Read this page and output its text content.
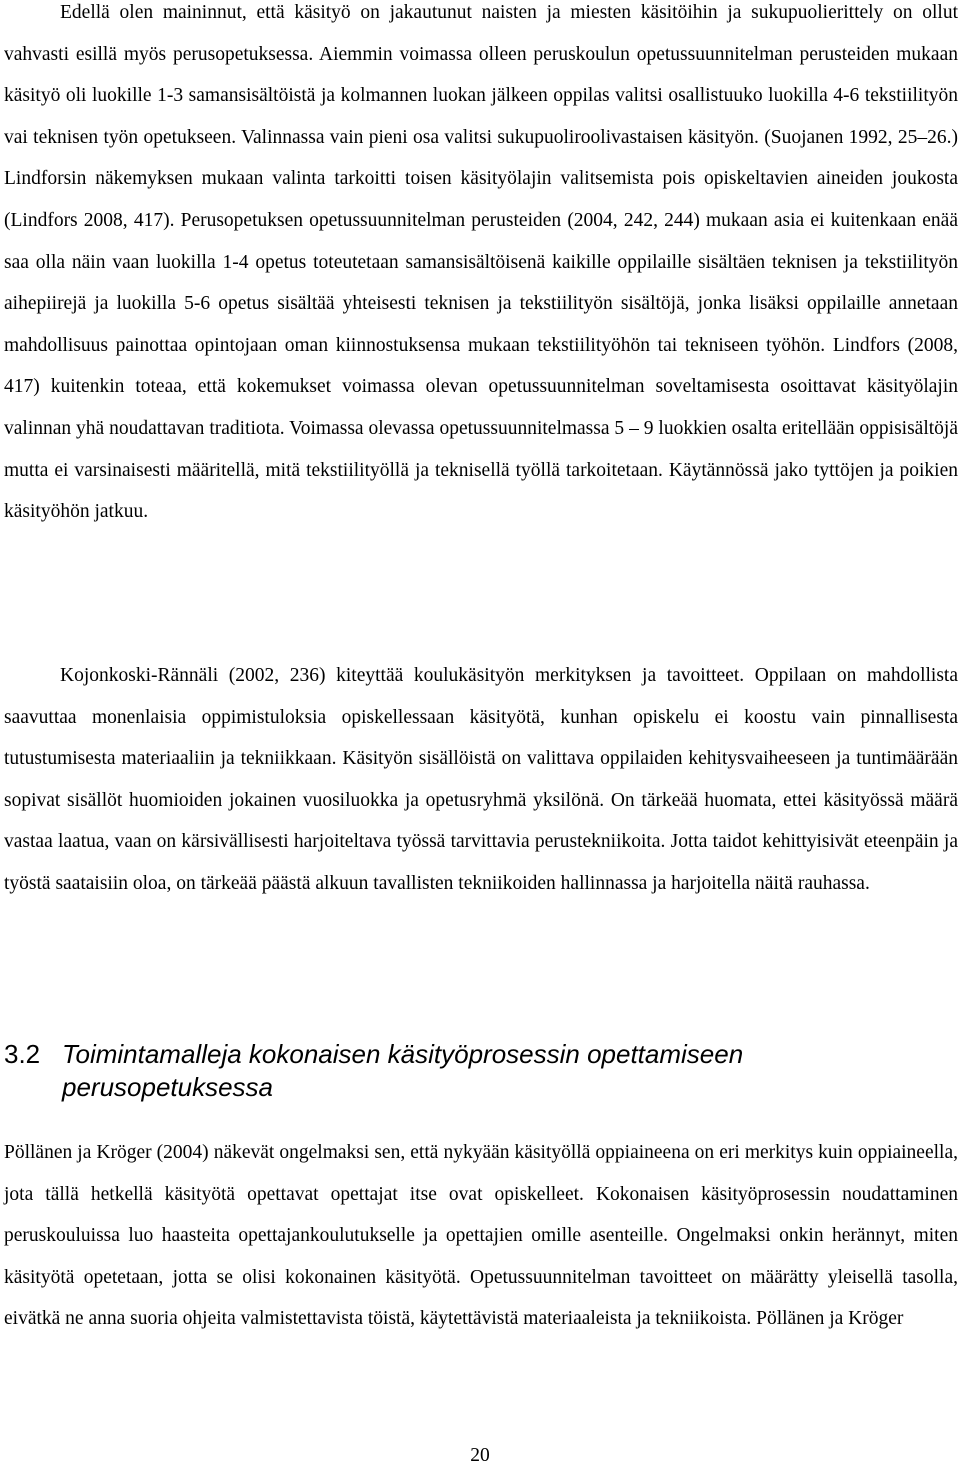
Edellä olen maininnut, että käsityö on jakautunut naisten ja miesten käsitöihin ja sukupuolierittely on ollut vahvasti esillä myös perusopetuksessa. Aiemmin voimassa olleen peruskoulun opetussuunnitelman perusteiden mukaan käsityö oli luokille 1-3 samansisältöistä ja kolmannen luokan jälkeen oppilas valitsi osallistuuko luokilla 4-6 tekstiilityön vai teknisen työn opetukseen. Valinnassa vain pieni osa valitsi sukupuoliroolivastaisen käsityön. (Suojanen 1992, 25–26.) Lindforsin näkemyksen mukaan valinta tarkoitti toisen käsityölajin valitsemista pois opiskeltavien aineiden joukosta (Lindfors 2008, 417). Perusopetuksen opetussuunnitelman perusteiden (2004, 242, 244) mukaan asia ei kuitenkaan enää saa olla näin vaan luokilla 1-4 opetus toteutetaan samansisältöisenä kaikille oppilaille sisältäen teknisen ja tekstiilityön aihepiirejä ja luokilla 5-6 opetus sisältää yhteisesti teknisen ja tekstiilityön sisältöjä, jonka lisäksi oppilaille annetaan mahdollisuus painottaa opintojaan oman kiinnostuksensa mukaan tekstiilityöhön tai tekniseen työhön. Lindfors (2008, 417) kuitenkin toteaa, että kokemukset voimassa olevan opetussuunnitelman soveltamisesta osoittavat käsityölajin valinnan yhä noudattavan traditiota. Voimassa olevassa opetussuunnitelmassa 5 – 9 luokkien osalta eritellään oppisisältöjä mutta ei varsinaisesti määritellä, mitä tekstiilityöllä ja teknisellä työllä tarkoitetaan. Käytännössä jako tyttöjen ja poikien käsityöhön jatkuu.

Kojonkoski-Rännäli (2002, 236) kiteyttää koulukäsityön merkityksen ja tavoitteet. Oppilaan on mahdollista saavuttaa monenlaisia oppimistuloksia opiskellessaan käsityötä, kunhan opiskelu ei koostu vain pinnallisesta tutustumisesta materiaaliin ja tekniikkaan. Käsityön sisällöistä on valittava oppilaiden kehitysvaiheeseen ja tuntimäärään sopivat sisällöt huomioiden jokainen vuosiluokka ja opetusryhmä yksilönä. On tärkeää huomata, ettei käsityössä määrä vastaa laatua, vaan on kärsivällisesti harjoiteltava työssä tarvittavia perustekniikoita. Jotta taidot kehittyisivät eteenpäin ja työstä saataisiin oloa, on tärkeää päästä alkuun tavallisten tekniikoiden hallinnassa ja harjoitella näitä rauhassa.

3.2 Toimintamalleja kokonaisen käsityöprosessin opettamiseen perusopetuksessa

Pöllänen ja Kröger (2004) näkevät ongelmaksi sen, että nykyään käsityöllä oppiaineena on eri merkitys kuin oppiaineella, jota tällä hetkellä käsityötä opettavat opettajat itse ovat opiskelleet. Kokonaisen käsityöprosessin noudattaminen peruskouluissa luo haasteita opettajankoulutukselle ja opettajien omille asenteille. Ongelmaksi onkin herännyt, miten käsityötä opetetaan, jotta se olisi kokonainen käsityötä. Opetussuunnitelman tavoitteet on määrätty yleisellä tasolla, eivätkä ne anna suoria ohjeita valmistettavista töistä, käytettävistä materiaaleista ja tekniikoista. Pöllänen ja Kröger

20
